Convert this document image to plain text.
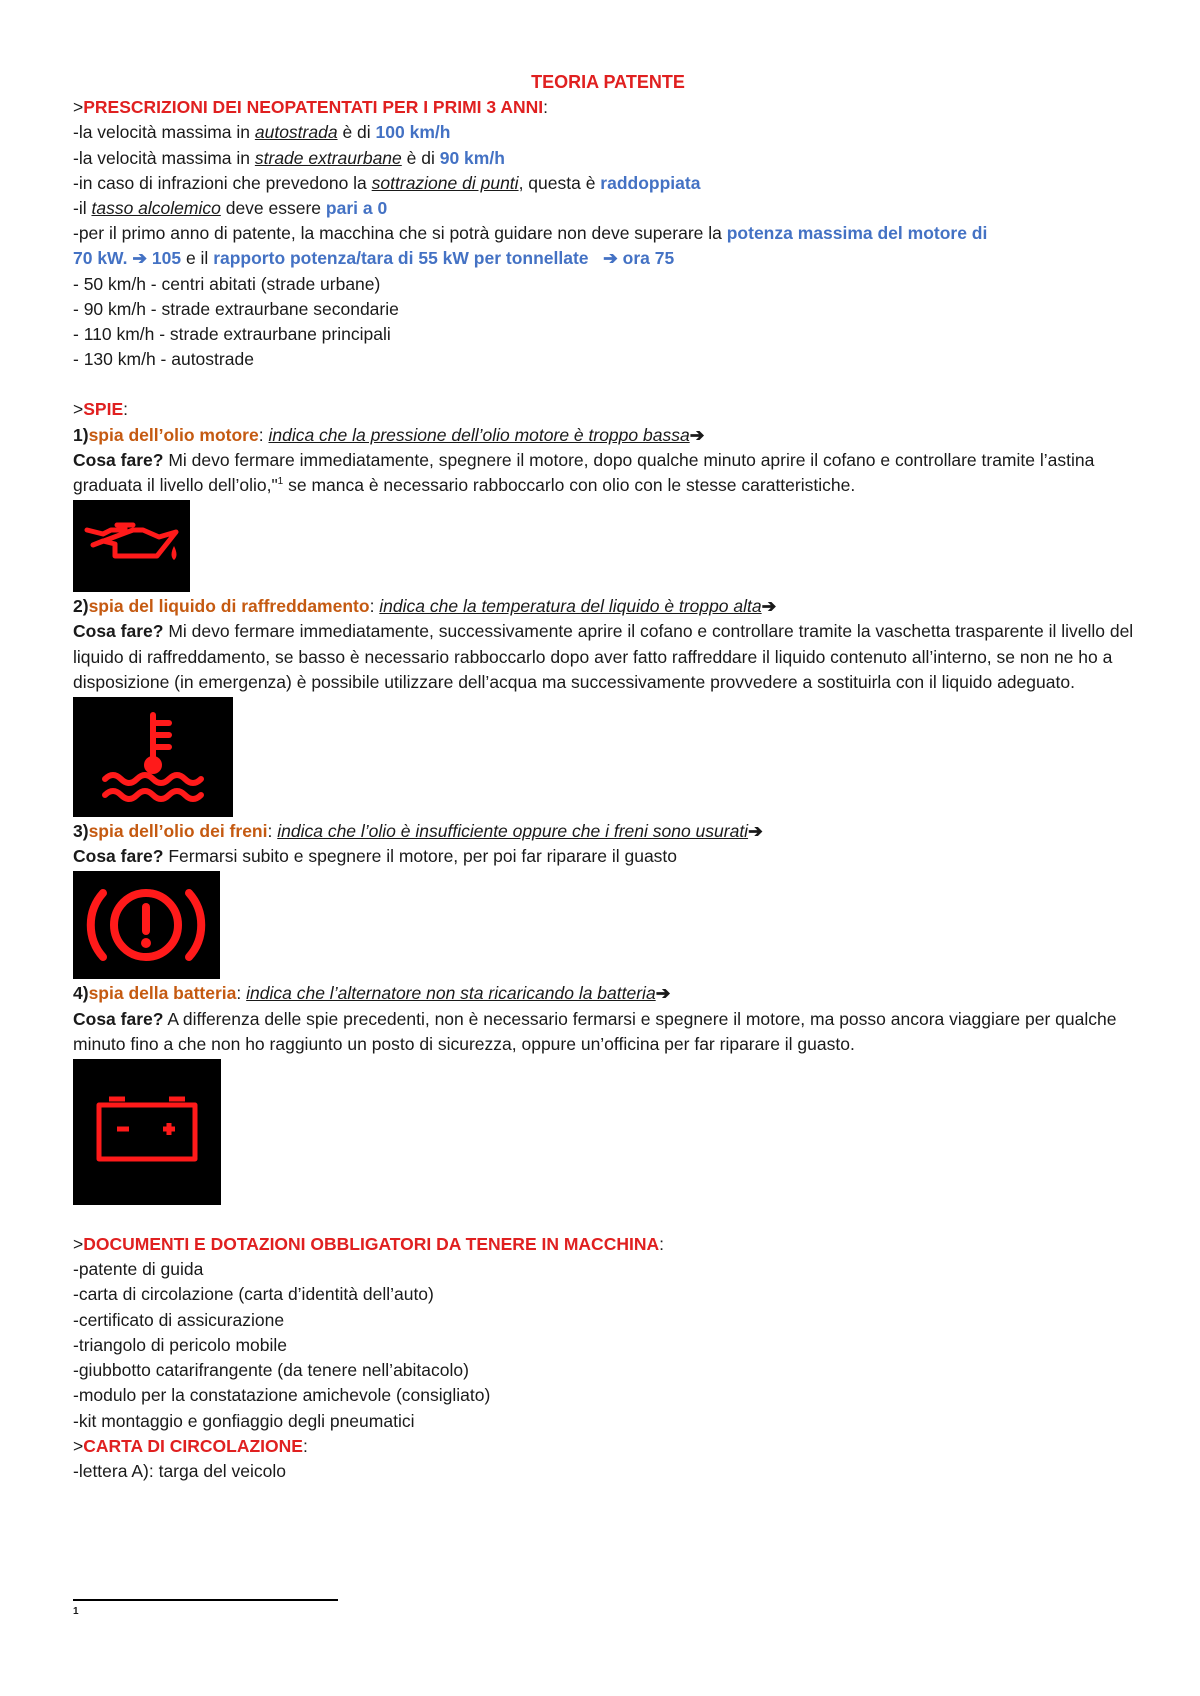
TEORIA PATENTE
>PRESCRIZIONI DEI NEOPATENTATI PER I PRIMI 3 ANNI:
-la velocità massima in autostrada è di 100 km/h
-la velocità massima in strade extraurbane è di 90 km/h
-in caso di infrazioni che prevedono la sottrazione di punti, questa è raddoppiata
-il tasso alcolemico deve essere pari a 0
-per il primo anno di patente, la macchina che si potrà guidare non deve superare la potenza massima del motore di
70 kW. ➔ 105 e il rapporto potenza/tara di 55 kW per tonnellate ➔ ora 75
- 50 km/h - centri abitati (strade urbane)
- 90 km/h - strade extraurbane secondarie
- 110 km/h - strade extraurbane principali
- 130 km/h - autostrade
>SPIE:
1)spia dell’olio motore: indica che la pressione dell’olio motore è troppo bassa➔
Cosa fare? Mi devo fermare immediatamente, spegnere il motore, dopo qualche minuto aprire il cofano e controllare tramite l’astina graduata il livello dell’olio,"$^1$ se manca è necessario rabboccarlo con olio con le stesse caratteristiche.
2)spia del liquido di raffreddamento: indica che la temperatura del liquido è troppo alta➔
Cosa fare? Mi devo fermare immediatamente, successivamente aprire il cofano e controllare tramite la vaschetta trasparente il livello del liquido di raffreddamento, se basso è necessario rabboccarlo dopo aver fatto raffreddare il liquido contenuto all’interno, se non ne ho a disposizione (in emergenza) è possibile utilizzare dell’acqua ma successivamente provvedere a sostituirla con il liquido adeguato.
3)spia dell’olio dei freni: indica che l’olio è insufficiente oppure che i freni sono usurati➔
Cosa fare? Fermarsi subito e spegnere il motore, per poi far riparare il guasto
4)spia della batteria: indica che l’alternatore non sta ricaricando la batteria➔
Cosa fare? A differenza delle spie precedenti, non è necessario fermarsi e spegnere il motore, ma posso ancora viaggiare per qualche minuto fino a che non ho raggiunto un posto di sicurezza, oppure un’officina per far riparare il guasto.
>DOCUMENTI E DOTAZIONI OBBLIGATORI DA TENERE IN MACCHINA:
-patente di guida
-carta di circolazione (carta d’identità dell’auto)
-certificato di assicurazione
-triangolo di pericolo mobile
-giubbotto catarifrangente (da tenere nell’abitacolo)
-modulo per la constatazione amichevole (consigliato)
-kit montaggio e gonfiaggio degli pneumatici
>CARTA DI CIRCOLAZIONE:
-lettera A): targa del veicolo
1
